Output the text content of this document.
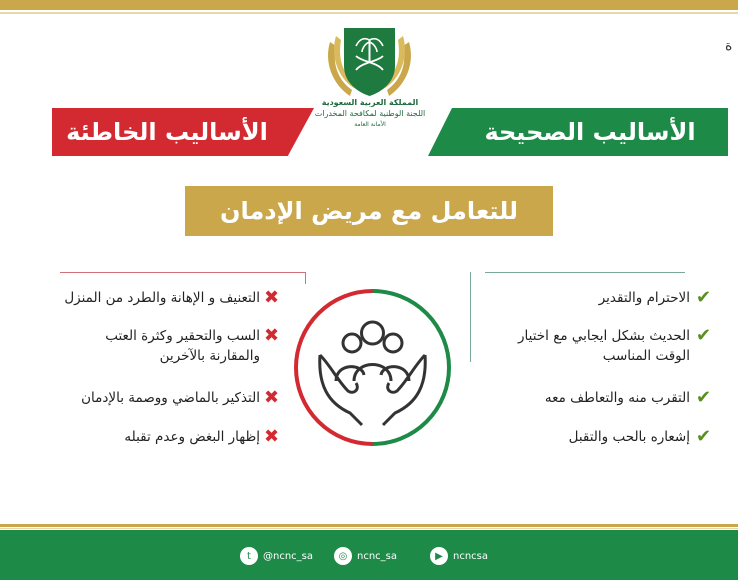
ة
المملكة العربية السعودية
اللجنة الوطنية لمكافحة المخدرات
الأمانة العامة
الأساليب الخاطئة	الأساليب الصحيحة
للتعامل مع مريض الإدمان
التعنيف و الإهانة والطرد من المنزل ✖
السب والتحقير وكثرة العتب
والمقارنة بالآخرين
✖
التذكير بالماضي ووصمة بالإدمان ✖
إظهار البغض وعدم تقبله ✖
الاحترام والتقدير ✔
الحديث بشكل ايجابي مع اختيار
الوقت المناسب
✔
التقرب منه والتعاطف معه ✔
إشعاره بالحب والتقبل ✔
t	@ncnc_sa	◎ ncnc_sa	▶	ncncsa
